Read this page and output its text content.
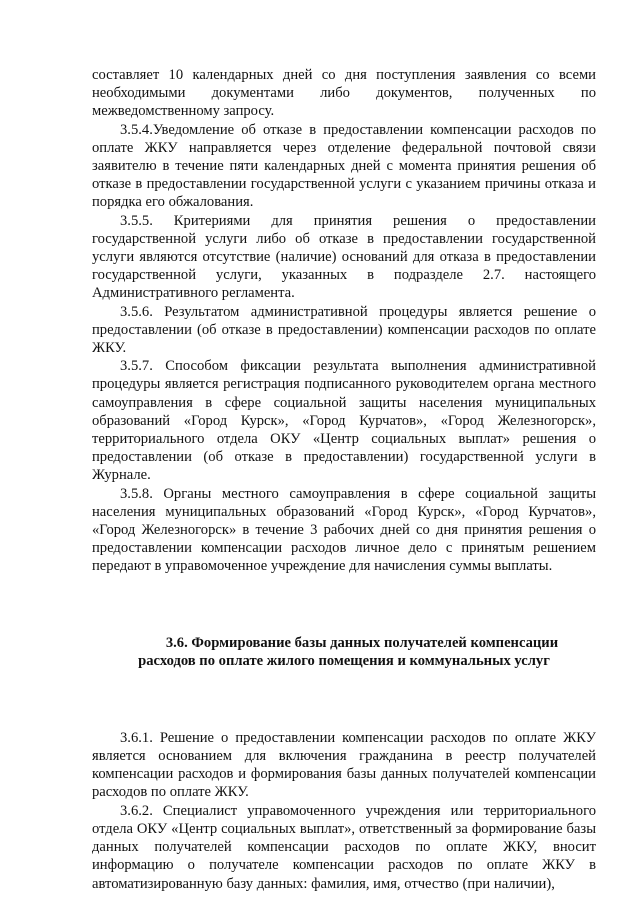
составляет 10 календарных дней со дня поступления заявления со всеми необходимыми документами либо документов, полученных по межведомственному запросу.

3.5.4.Уведомление об отказе в предоставлении компенсации расходов по оплате ЖКУ направляется через отделение федеральной почтовой связи заявителю в течение пяти календарных дней с момента принятия решения об отказе в предоставлении государственной услуги с указанием причины отказа и порядка его обжалования.

3.5.5. Критериями для принятия решения о предоставлении государственной услуги либо об отказе в предоставлении государственной услуги являются отсутствие (наличие) оснований для отказа в предоставлении государственной услуги, указанных в подразделе 2.7. настоящего Административного регламента.

3.5.6. Результатом административной процедуры является решение о предоставлении (об отказе в предоставлении) компенсации расходов по оплате ЖКУ.

3.5.7. Способом фиксации результата выполнения административной процедуры является регистрация подписанного руководителем органа местного самоуправления в сфере социальной защиты населения муниципальных образований «Город Курск», «Город Курчатов», «Город Железногорск», территориального отдела ОКУ «Центр социальных выплат» решения о предоставлении (об отказе в предоставлении) государственной услуги в Журнале.

3.5.8. Органы местного самоуправления в сфере социальной защиты населения муниципальных образований «Город Курск», «Город Курчатов», «Город Железногорск» в течение 3 рабочих дней со дня принятия решения о предоставлении компенсации расходов личное дело с принятым решением передают в управомоченное учреждение для начисления суммы выплаты.

3.6. Формирование базы данных получателей компенсации
расходов по оплате жилого помещения и коммунальных услуг

3.6.1. Решение о предоставлении компенсации расходов по оплате ЖКУ является основанием для включения гражданина в реестр получателей компенсации расходов и формирования базы данных получателей компенсации расходов по оплате ЖКУ.

3.6.2. Специалист управомоченного учреждения или территориального отдела ОКУ «Центр социальных выплат», ответственный за формирование базы данных получателей компенсации расходов по оплате ЖКУ, вносит информацию о получателе компенсации расходов по оплате ЖКУ в автоматизированную базу данных: фамилия, имя, отчество (при наличии),
